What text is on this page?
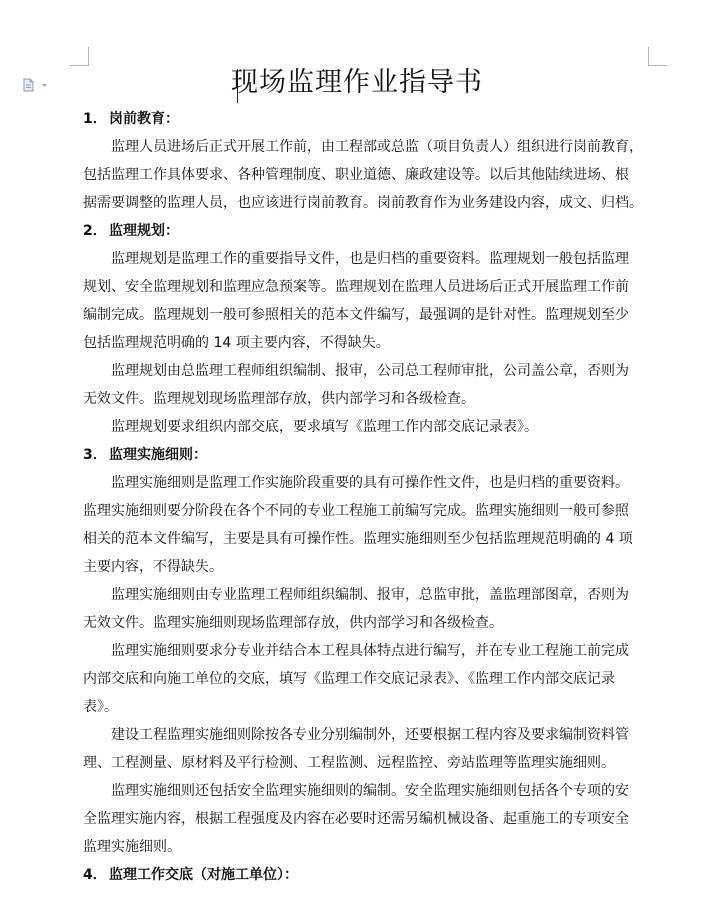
现场监理作业指导书

1． 岗前教育：

监理人员进场后正式开展工作前，由工程部或总监（项目负责人）组织进行岗前教育，
包括监理工作具体要求、各种管理制度、职业道德、廉政建设等。以后其他陆续进场、根
据需要调整的监理人员，也应该进行岗前教育。岗前教育作为业务建设内容，成文、归档。

2． 监理规划：

监理规划是监理工作的重要指导文件，也是归档的重要资料。监理规划一般包括监理
规划、安全监理规划和监理应急预案等。监理规划在监理人员进场后正式开展监理工作前
编制完成。监理规划一般可参照相关的范本文件编写，最强调的是针对性。监理规划至少
包括监理规范明确的 14 项主要内容，不得缺失。
监理规划由总监理工程师组织编制、报审，公司总工程师审批，公司盖公章，否则为
无效文件。监理规划现场监理部存放，供内部学习和各级检查。
监理规划要求组织内部交底，要求填写《监理工作内部交底记录表》。

3． 监理实施细则：

监理实施细则是监理工作实施阶段重要的具有可操作性文件，也是归档的重要资料。
监理实施细则要分阶段在各个不同的专业工程施工前编写完成。监理实施细则一般可参照
相关的范本文件编写，主要是具有可操作性。监理实施细则至少包括监理规范明确的 4 项
主要内容，不得缺失。
监理实施细则由专业监理工程师组织编制、报审，总监审批，盖监理部图章，否则为
无效文件。监理实施细则现场监理部存放，供内部学习和各级检查。
监理实施细则要求分专业并结合本工程具体特点进行编写，并在专业工程施工前完成
内部交底和向施工单位的交底，填写《监理工作交底记录表》、《监理工作内部交底记录
表》。
建设工程监理实施细则除按各专业分别编制外，还要根据工程内容及要求编制资料管
理、工程测量、原材料及平行检测、工程监测、远程监控、旁站监理等监理实施细则。
监理实施细则还包括安全监理实施细则的编制。安全监理实施细则包括各个专项的安
全监理实施内容，根据工程强度及内容在必要时还需另编机械设备、起重施工的专项安全
监理实施细则。

4． 监理工作交底（对施工单位）：
